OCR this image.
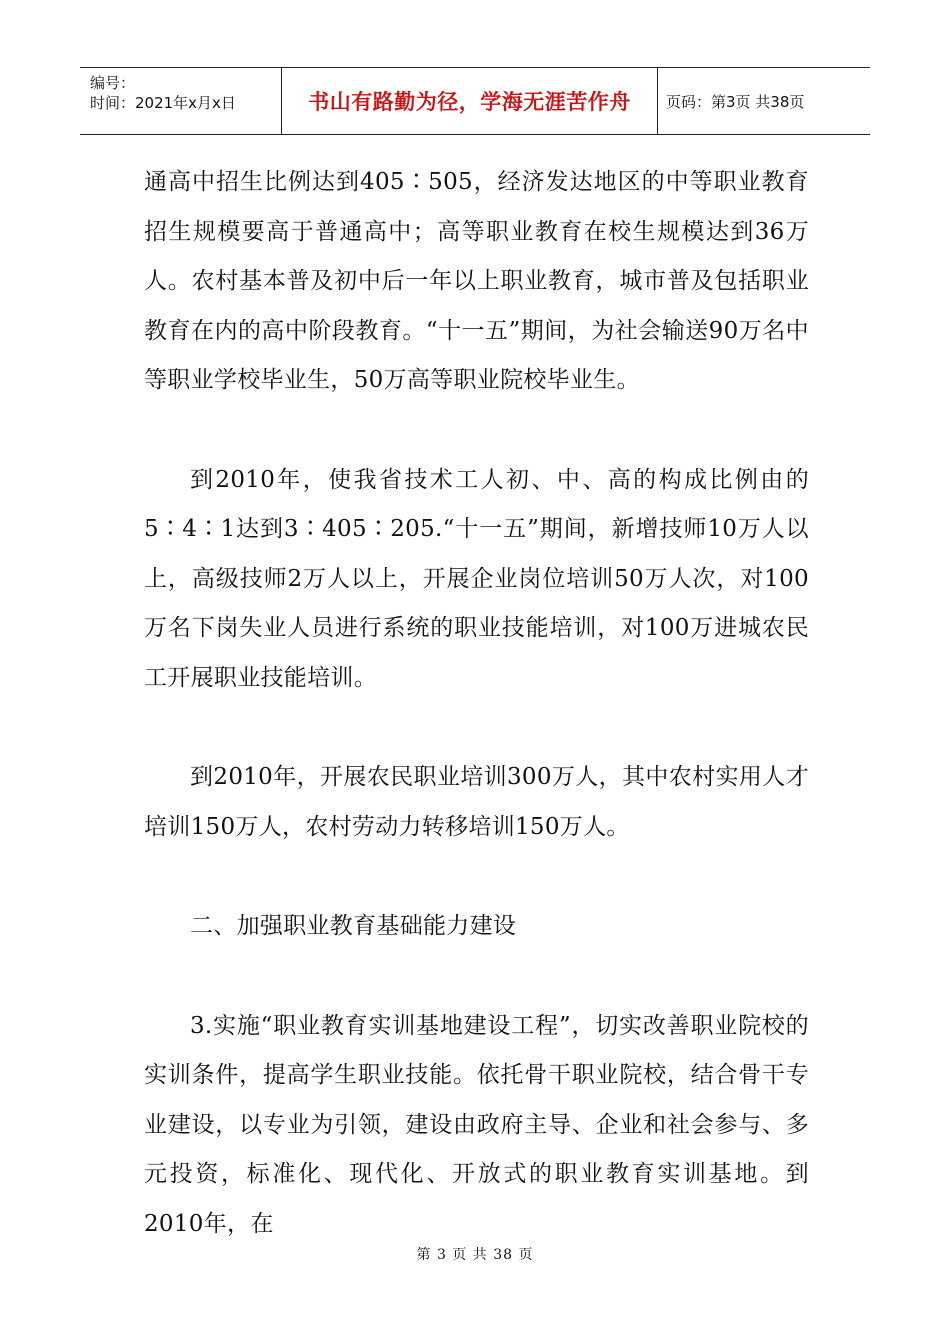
编号：
时间：2021年x月x日	书山有路勤为径，学海无涯苦作舟	页码：第3页 共38页

通高中招生比例达到405∶505，经济发达地区的中等职业教育招生规模要高于普通高中；高等职业教育在校生规模达到36万人。农村基本普及初中后一年以上职业教育，城市普及包括职业教育在内的高中阶段教育。“十一五”期间，为社会输送90万名中等职业学校毕业生，50万高等职业院校毕业生。

到2010年，使我省技术工人初、中、高的构成比例由的5∶4∶1达到3∶405∶205.“十一五”期间，新增技师10万人以上，高级技师2万人以上，开展企业岗位培训50万人次，对100万名下岗失业人员进行系统的职业技能培训，对100万进城农民工开展职业技能培训。

到2010年，开展农民职业培训300万人，其中农村实用人才培训150万人，农村劳动力转移培训150万人。

二、加强职业教育基础能力建设

3.实施“职业教育实训基地建设工程”，切实改善职业院校的实训条件，提高学生职业技能。依托骨干职业院校，结合骨干专业建设，以专业为引领，建设由政府主导、企业和社会参与、多元投资，标准化、现代化、开放式的职业教育实训基地。到2010年，在

第 3 页 共 38 页
